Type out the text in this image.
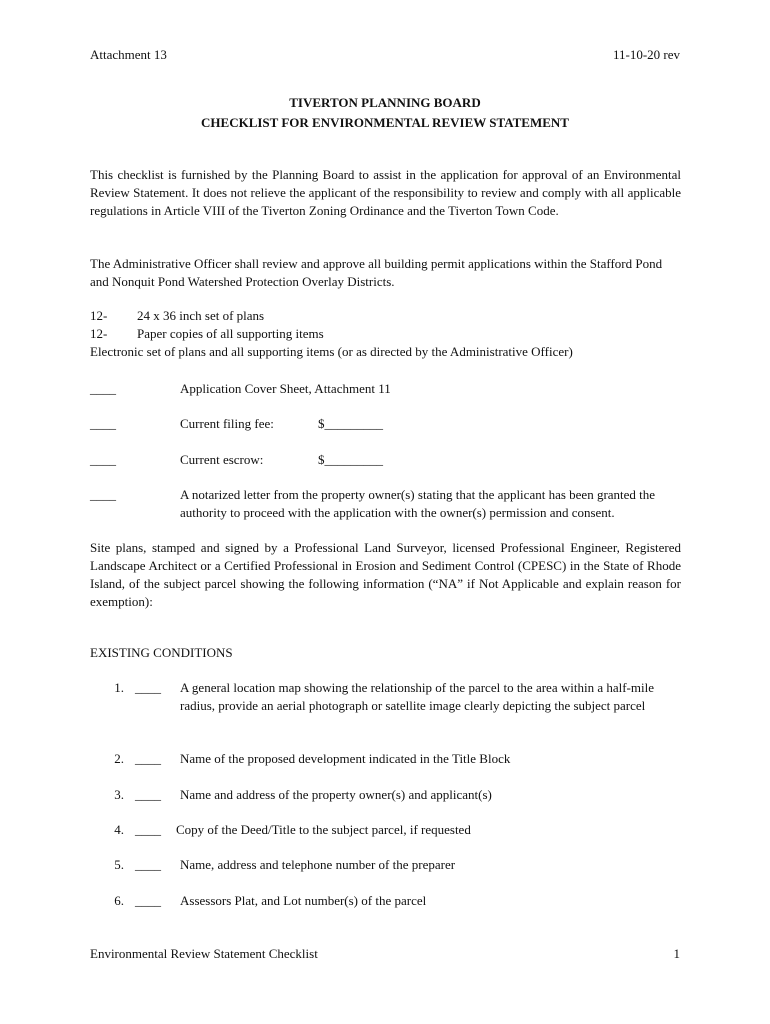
Attachment 13	11-10-20 rev
TIVERTON PLANNING BOARD
CHECKLIST FOR ENVIRONMENTAL REVIEW STATEMENT
This checklist is furnished by the Planning Board to assist in the application for approval of an Environmental Review Statement. It does not relieve the applicant of the responsibility to review and comply with all applicable regulations in Article VIII of the Tiverton Zoning Ordinance and the Tiverton Town Code.
The Administrative Officer shall review and approve all building permit applications within the Stafford Pond and Nonquit Pond Watershed Protection Overlay Districts.
12- 24 x 36 inch set of plans
12- Paper copies of all supporting items
Electronic set of plans and all supporting items (or as directed by the Administrative Officer)
____	Application Cover Sheet, Attachment 11
____	Current filing fee:	$_________
____	Current escrow:	$_________
____	A notarized letter from the property owner(s) stating that the applicant has been granted the authority to proceed with the application with the owner(s) permission and consent.
Site plans, stamped and signed by a Professional Land Surveyor, licensed Professional Engineer, Registered Landscape Architect or a Certified Professional in Erosion and Sediment Control (CPESC) in the State of Rhode Island, of the subject parcel showing the following information (“NA” if Not Applicable and explain reason for exemption):
EXISTING CONDITIONS
1. ____ A general location map showing the relationship of the parcel to the area within a half-mile radius, provide an aerial photograph or satellite image clearly depicting the subject parcel
2. ____ Name of the proposed development indicated in the Title Block
3. ____ Name and address of the property owner(s) and applicant(s)
4. ____ Copy of the Deed/Title to the subject parcel, if requested
5. ____ Name, address and telephone number of the preparer
6. ____ Assessors Plat, and Lot number(s) of the parcel
Environmental Review Statement Checklist	1
